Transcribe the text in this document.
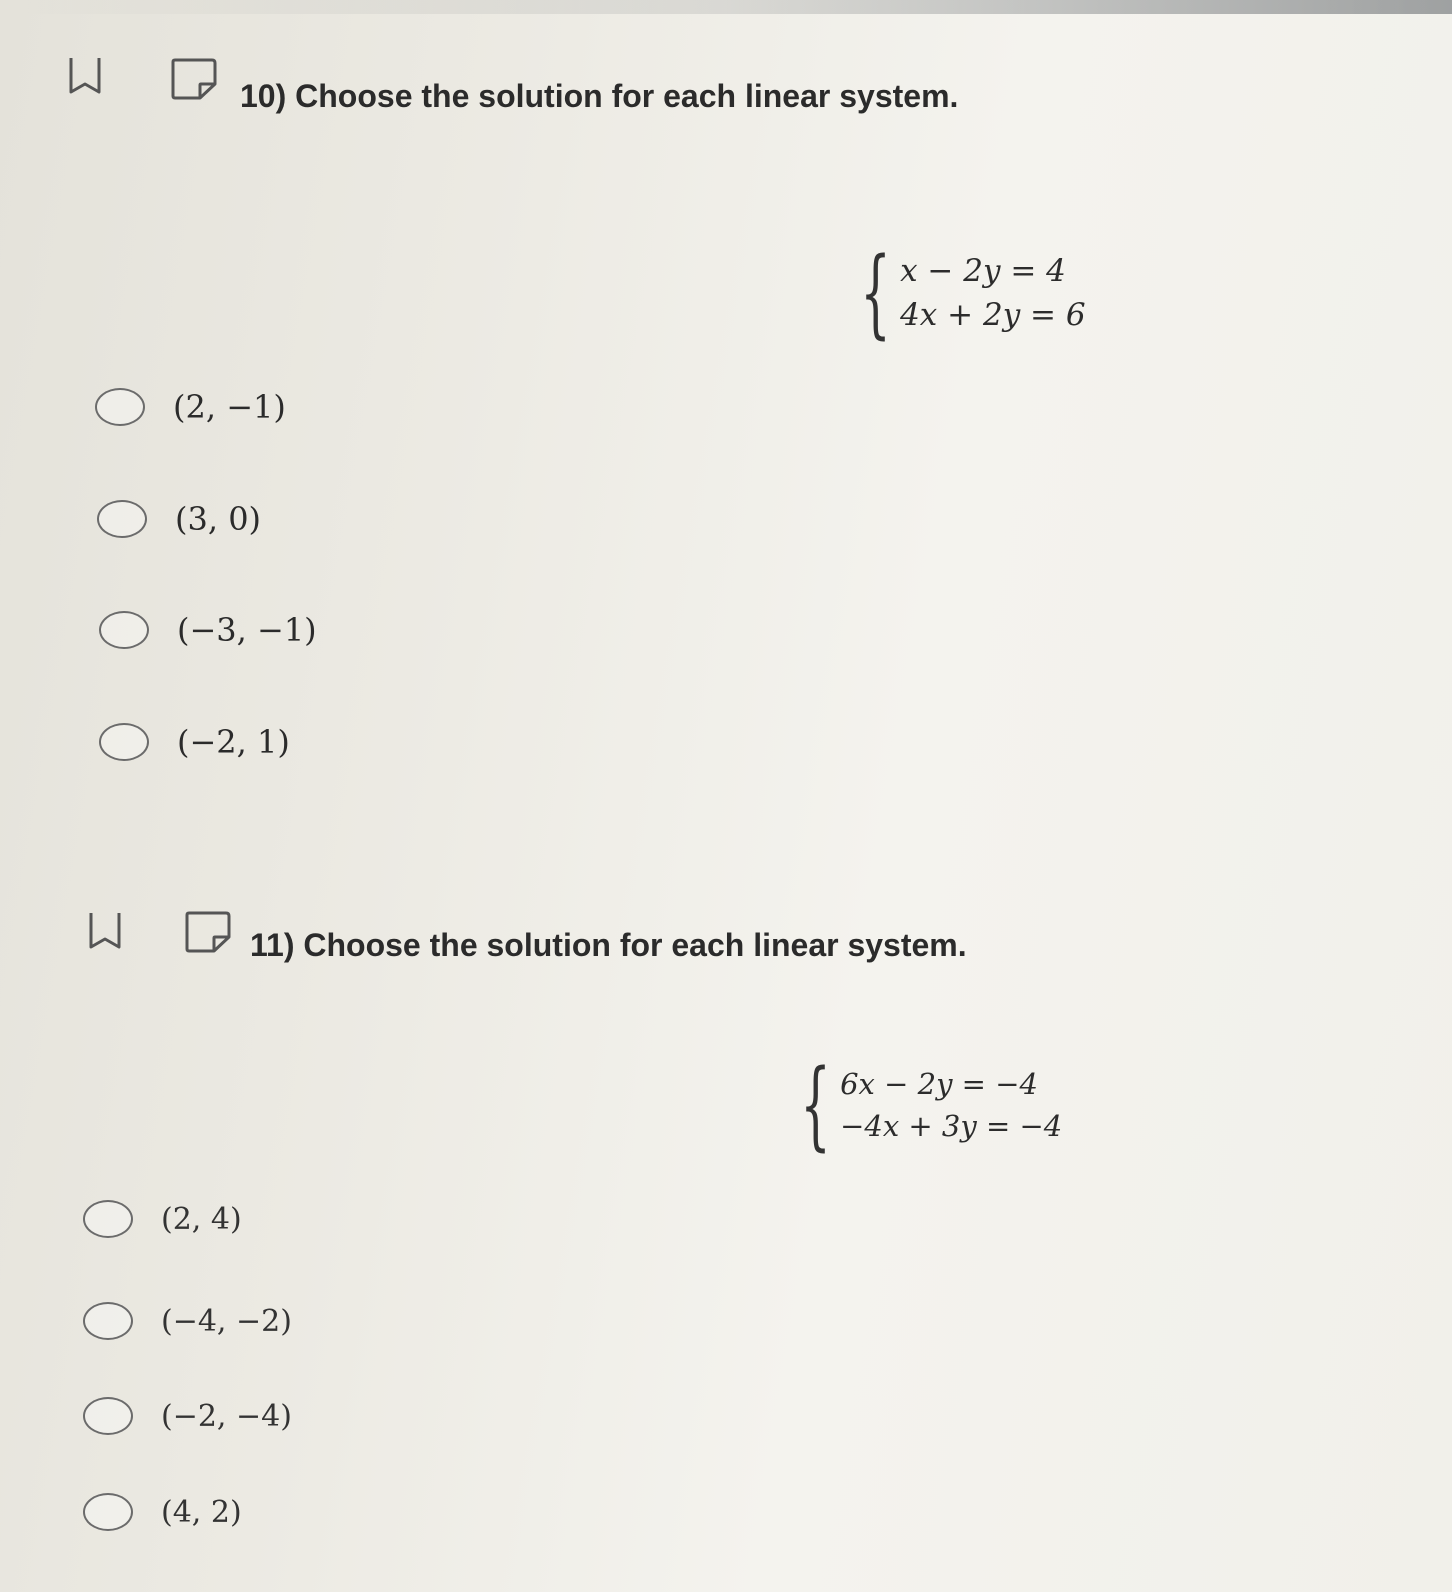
10) Choose the solution for each linear system.
{ x − 2y = 4
4x + 2y = 6
(2, −1)
(3, 0)
(−3, −1)
(−2, 1)
11) Choose the solution for each linear system.
{ 6x − 2y = −4
−4x + 3y = −4
(2, 4)
(−4, −2)
(−2, −4)
(4, 2)
